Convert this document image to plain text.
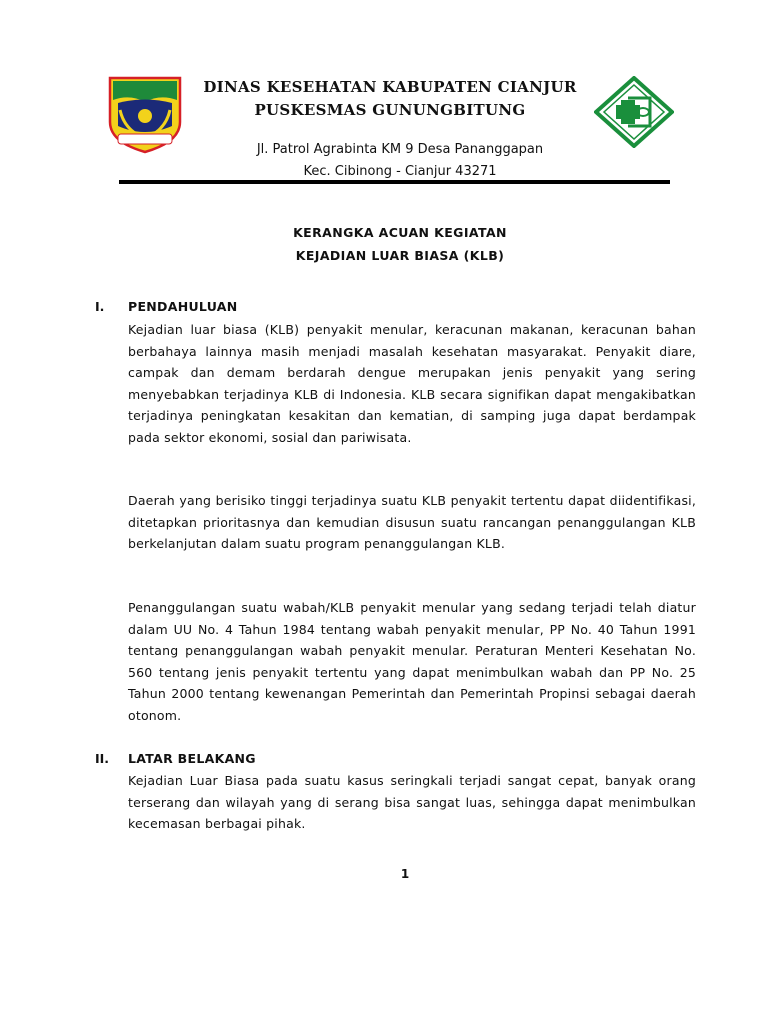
DINAS KESEHATAN KABUPATEN CIANJUR
PUSKESMAS GUNUNGBITUNG
Jl. Patrol Agrabinta KM 9 Desa Pananggapan
Kec. Cibinong - Cianjur 43271
KERANGKA ACUAN KEGIATAN
KEJADIAN LUAR BIASA (KLB)
I. PENDAHULUAN

Kejadian luar biasa (KLB) penyakit menular, keracunan makanan, keracunan bahan berbahaya lainnya masih menjadi masalah kesehatan masyarakat. Penyakit diare, campak dan demam berdarah dengue merupakan jenis penyakit yang sering menyebabkan terjadinya KLB di Indonesia. KLB secara signifikan dapat mengakibatkan terjadinya peningkatan kesakitan dan kematian, di samping juga dapat berdampak pada sektor ekonomi, sosial dan pariwisata.

Daerah yang berisiko tinggi terjadinya suatu KLB penyakit tertentu dapat diidentifikasi, ditetapkan prioritasnya dan kemudian disusun suatu rancangan penanggulangan KLB berkelanjutan dalam suatu program penanggulangan KLB.

Penanggulangan suatu wabah/KLB penyakit menular yang sedang terjadi telah diatur dalam UU No. 4 Tahun 1984 tentang wabah penyakit menular, PP No. 40 Tahun 1991 tentang penanggulangan wabah penyakit menular. Peraturan Menteri Kesehatan No. 560 tentang jenis penyakit tertentu yang dapat menimbulkan wabah dan PP No. 25 Tahun 2000 tentang kewenangan Pemerintah dan Pemerintah Propinsi sebagai daerah otonom.

II. LATAR BELAKANG

Kejadian Luar Biasa pada suatu kasus seringkali terjadi sangat cepat, banyak orang terserang dan wilayah yang di serang bisa sangat luas, sehingga dapat menimbulkan kecemasan berbagai pihak.

1
